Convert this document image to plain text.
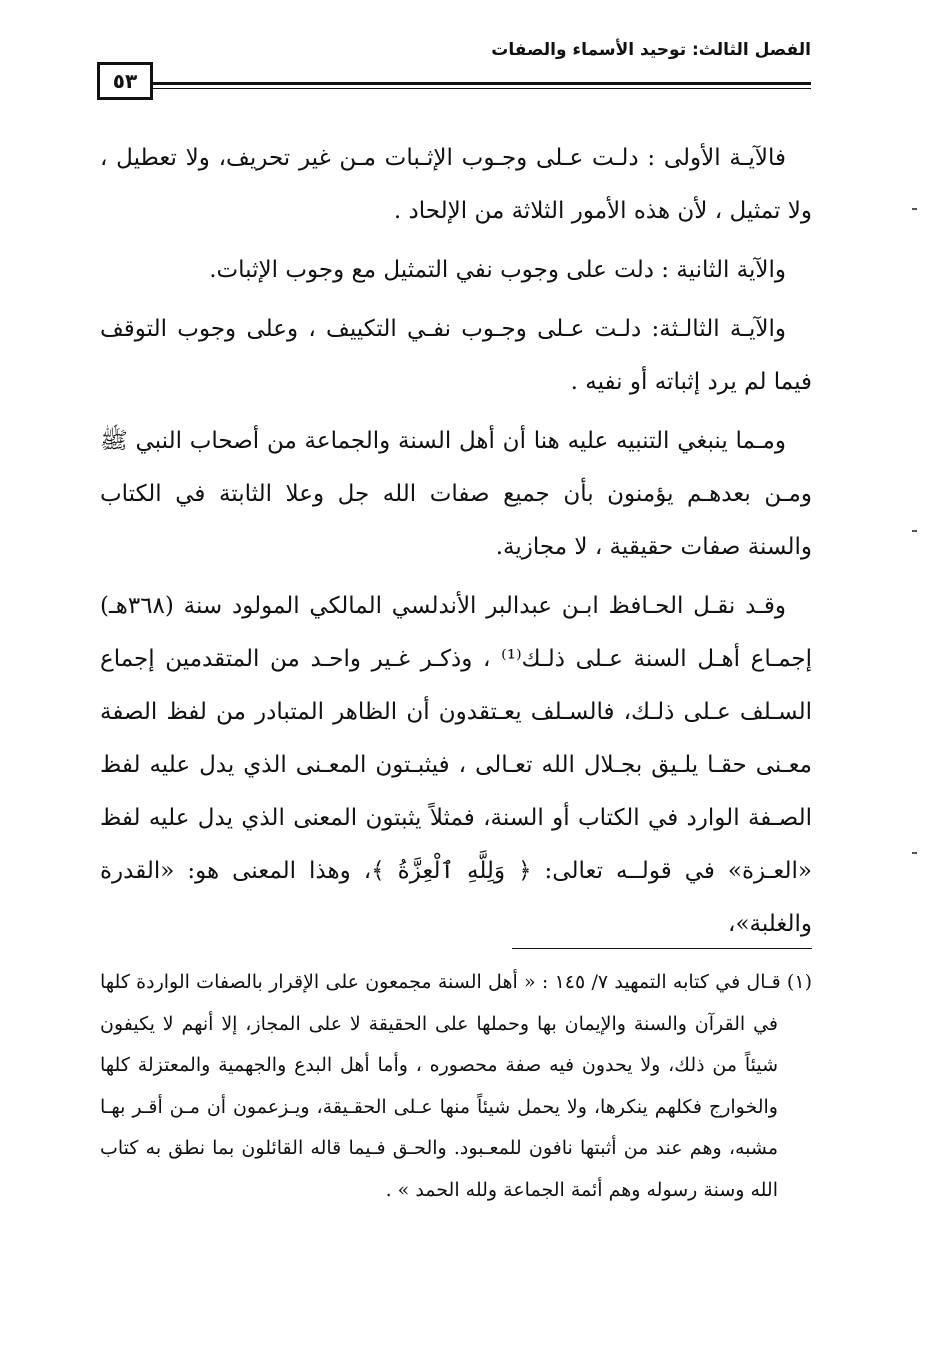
الفصل الثالث: توحيد الأسماء والصفات
٥٣

فالآيـة الأولى : دلـت عـلى وجـوب الإثـبات مـن غير تحريف، ولا تعطيل ، ولا تمثيل ، لأن هذه الأمور الثلاثة من الإلحاد .

والآية الثانية : دلت على وجوب نفي التمثيل مع وجوب الإثبات.

والآيـة الثالـثة: دلـت عـلى وجـوب نفـي التكييف ، وعلى وجوب التوقف فيما لم يرد إثباته أو نفيه .

ومـما ينبغي التنبيه عليه هنا أن أهل السنة والجماعة من أصحاب النبي ﷺ ومـن بعدهـم يؤمنون بأن جميع صفات الله جل وعلا الثابتة في الكتاب والسنة صفات حقيقية ، لا مجازية.

وقـد نقـل الحـافظ ابـن عبدالبر الأندلسي المالكي المولود سنة (٣٦٨هـ) إجمـاع أهـل السنة عـلى ذلـك⁽¹⁾ ، وذكـر غـير واحـد من المتقدمين إجماع السـلف عـلى ذلـك، فالسـلف يعـتقدون أن الظاهر المتبادر من لفظ الصفة معـنى حقـا يلـيق بجـلال الله تعـالى ، فيثبـتون المعـنى الذي يدل عليه لفظ الصـفة الوارد في الكتاب أو السنة، فمثلاً يثبتون المعنى الذي يدل عليه لفظ «العـزة» في قولــه تعالى: ﴿ وَلِلَّهِ ٱلْعِزَّةُ ﴾، وهذا المعنى هو: «القدرة والغلبة»،

(١) قـال في كتابه التمهيد ٧/ ١٤٥ : « أهل السنة مجمعون على الإقرار بالصفات الواردة كلها في القرآن والسنة والإيمان بها وحملها على الحقيقة لا على المجاز، إلا أنهم لا يكيفون شيئاً من ذلك، ولا يحدون فيه صفة محصوره ، وأما أهل البدع والجهمية والمعتزلة كلها والخوارج فكلهم ينكرها، ولا يحمل شيئاً منها عـلى الحقـيقة، ويـزعمون أن مـن أقـر بهـا مشبه، وهم عند من أثبتها نافون للمعـبود. والحـق فـيما قاله القائلون بما نطق به كتاب الله وسنة رسوله وهم أئمة الجماعة ولله الحمد » .
